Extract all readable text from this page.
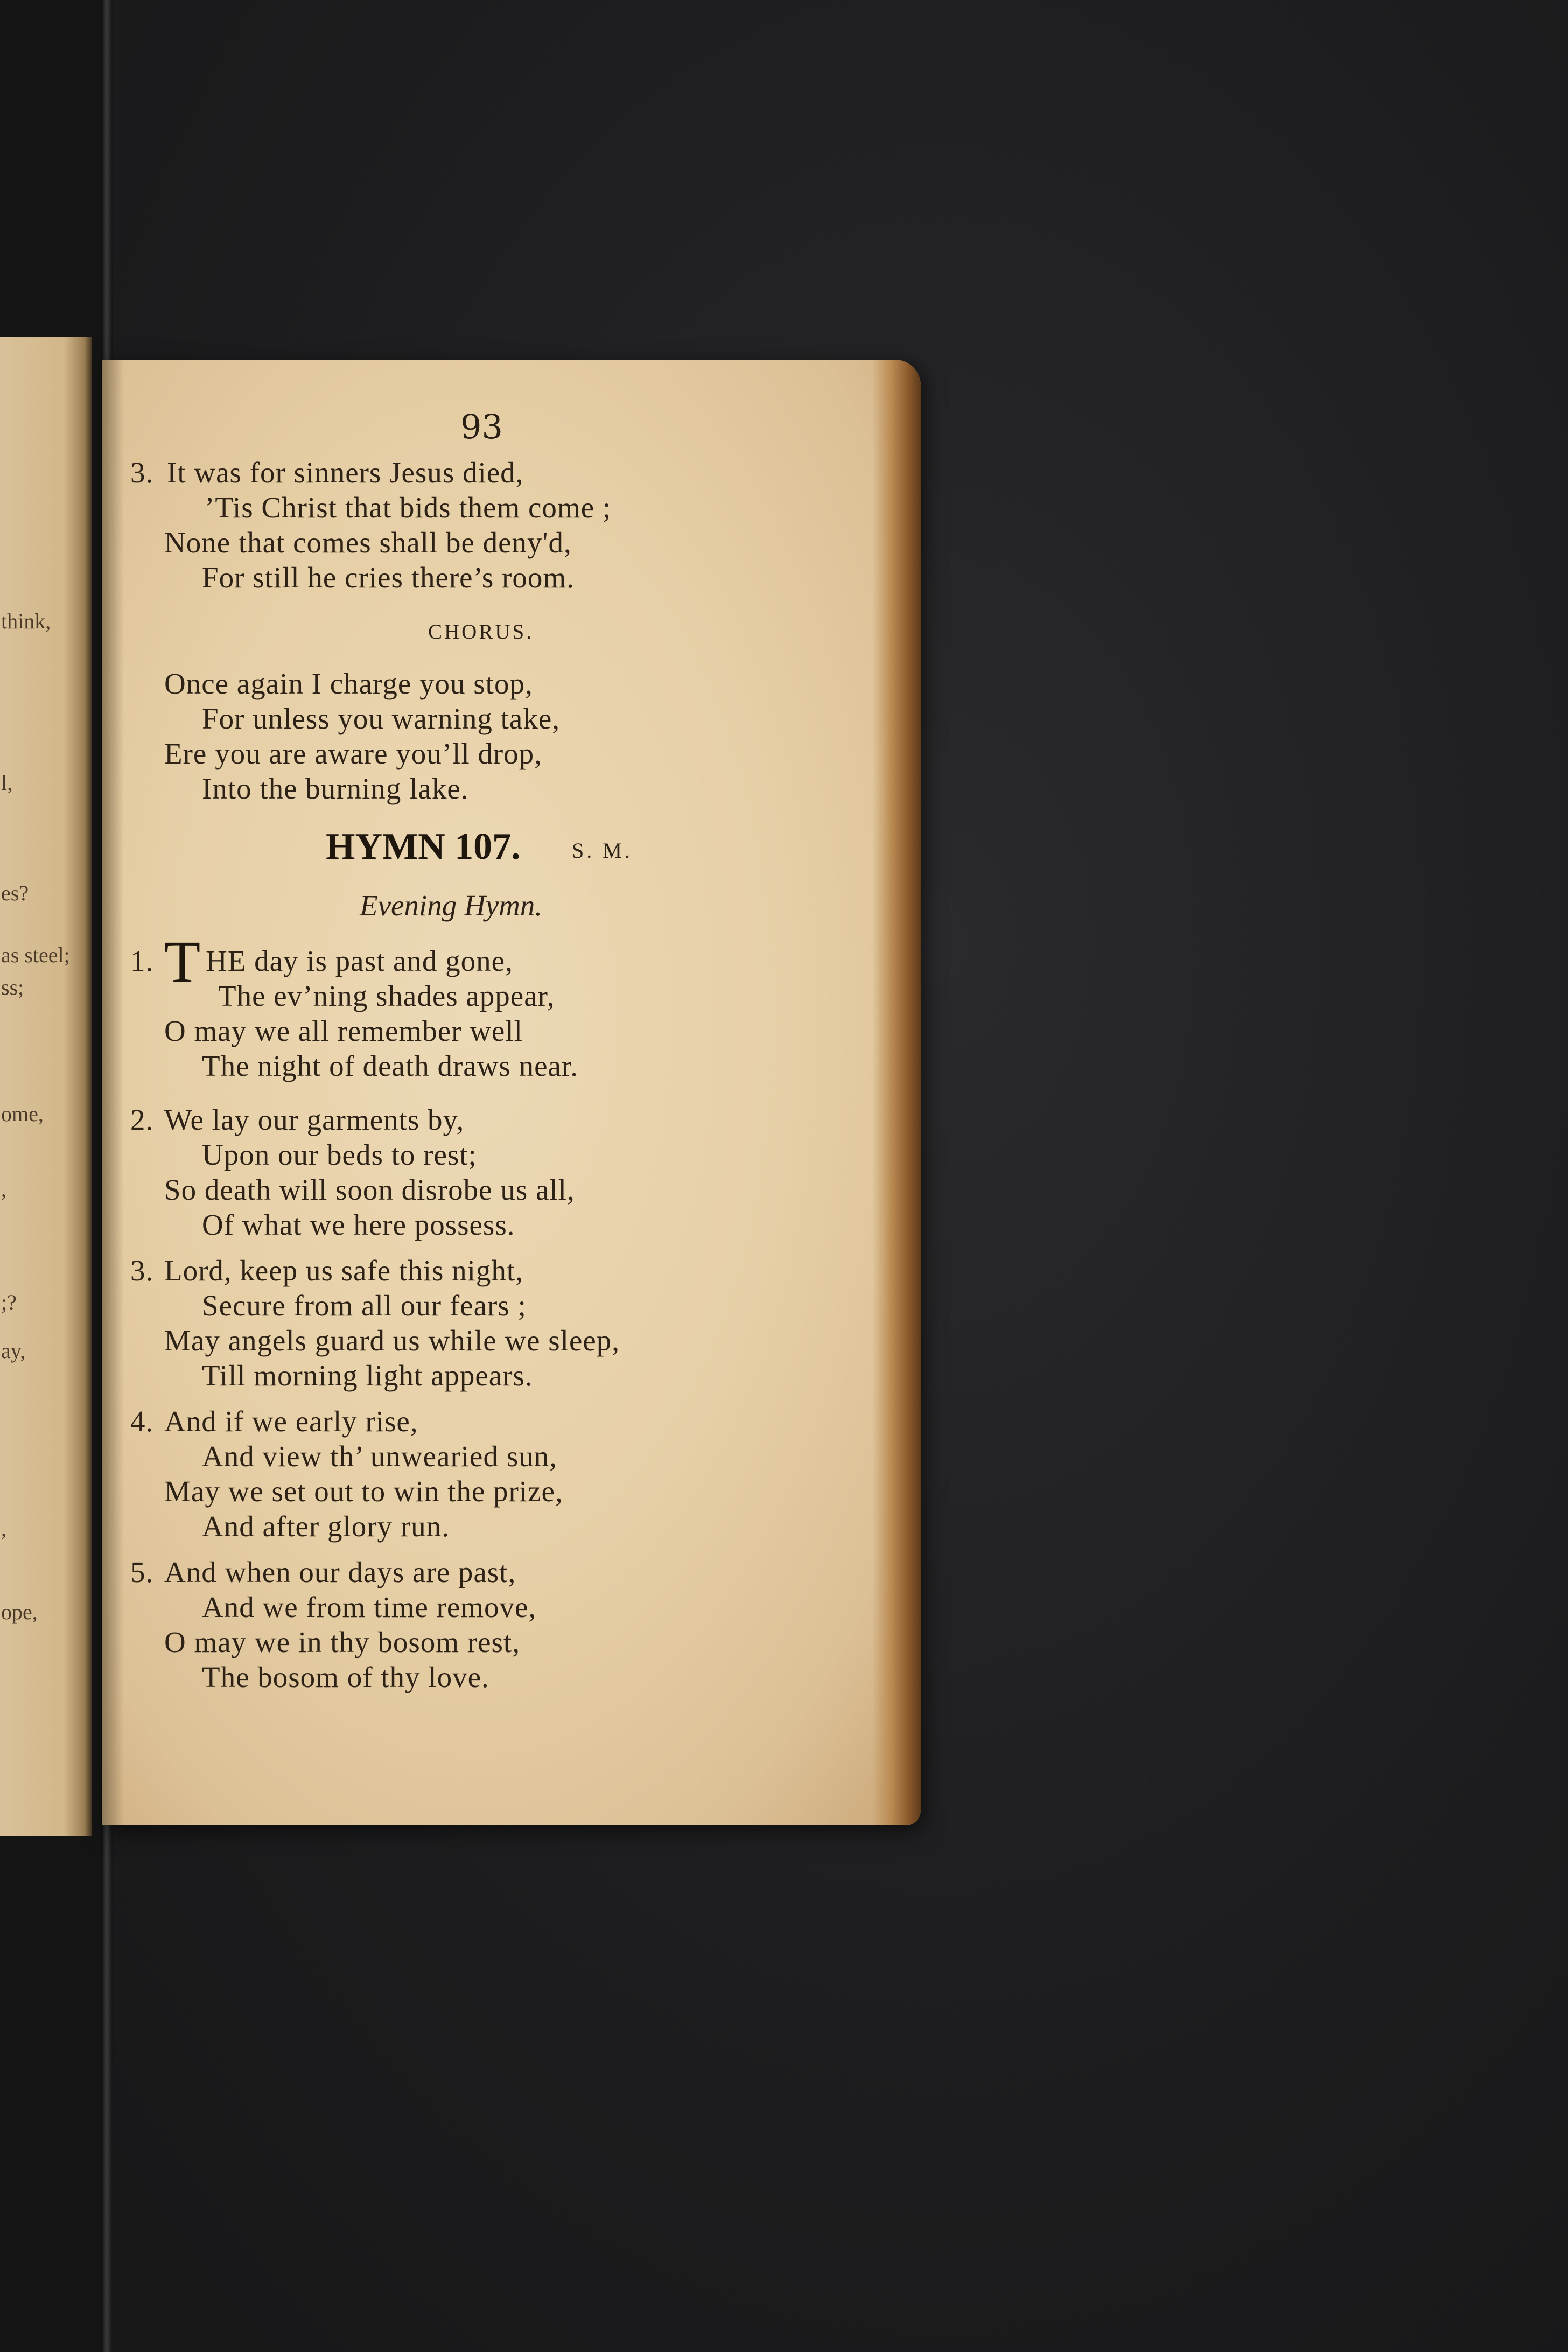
think,
l,
es?
as steel;
ss;
ome,
,
;?
ay,
,
ope,
93
3. It was for sinners Jesus died,
’Tis Christ that bids them come ;
None that comes shall be deny'd,
For still he cries there’s room.
CHORUS.
Once again I charge you stop,
For unless you warning take,
Ere you are aware you’ll drop,
Into the burning lake.
HYMN 107. S. M.
Evening Hymn.
1. T HE day is past and gone,
The ev’ning shades appear,
O may we all remember well
The night of death draws near.
2. We lay our garments by,
Upon our beds to rest;
So death will soon disrobe us all,
Of what we here possess.
3. Lord, keep us safe this night,
Secure from all our fears ;
May angels guard us while we sleep,
Till morning light appears.
4. And if we early rise,
And view th’ unwearied sun,
May we set out to win the prize,
And after glory run.
5. And when our days are past,
And we from time remove,
O may we in thy bosom rest,
The bosom of thy love.
